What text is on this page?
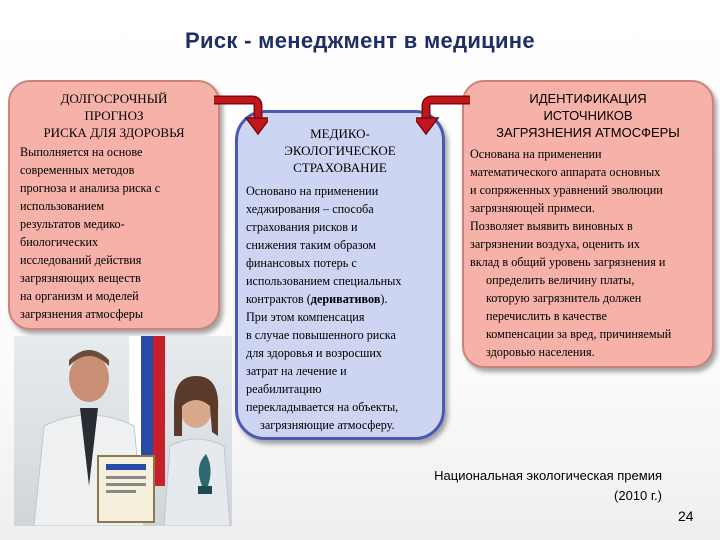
Риск - менеджмент в медицине
ДОЛГОСРОЧНЫЙ
ПРОГНОЗ
РИСКА ДЛЯ ЗДОРОВЬЯ
Выполняется на основе
современных методов
прогноза и анализа риска с
использованием
результатов медико-
биологических
исследований действия
загрязняющих веществ
на организм и моделей
загрязнения атмосферы
МЕДИКО-
ЭКОЛОГИЧЕСКОЕ
СТРАХОВАНИЕ
Основано на применении
хеджирования – способа
страхования рисков и
снижения таким образом
финансовых потерь с
использованием специальных
контрактов (деривативов).
При этом компенсация
в случае повышенного риска
для здоровья и возросших
затрат на лечение и
реабилитацию
перекладывается на объекты,
загрязняющие атмосферу.
ИДЕНТИФИКАЦИЯ
ИСТОЧНИКОВ
ЗАГРЯЗНЕНИЯ АТМОСФЕРЫ
Основана на применении
математического аппарата основных
и сопряженных уравнений эволюции
загрязняющей примеси.
Позволяет выявить виновных в
загрязнении воздуха, оценить их
вклад в общий уровень загрязнения и
определить величину платы,
которую загрязнитель должен
перечислить в качестве
компенсации за вред, причиняемый
здоровью населения.
Национальная экологическая премия
(2010 г.)
24
